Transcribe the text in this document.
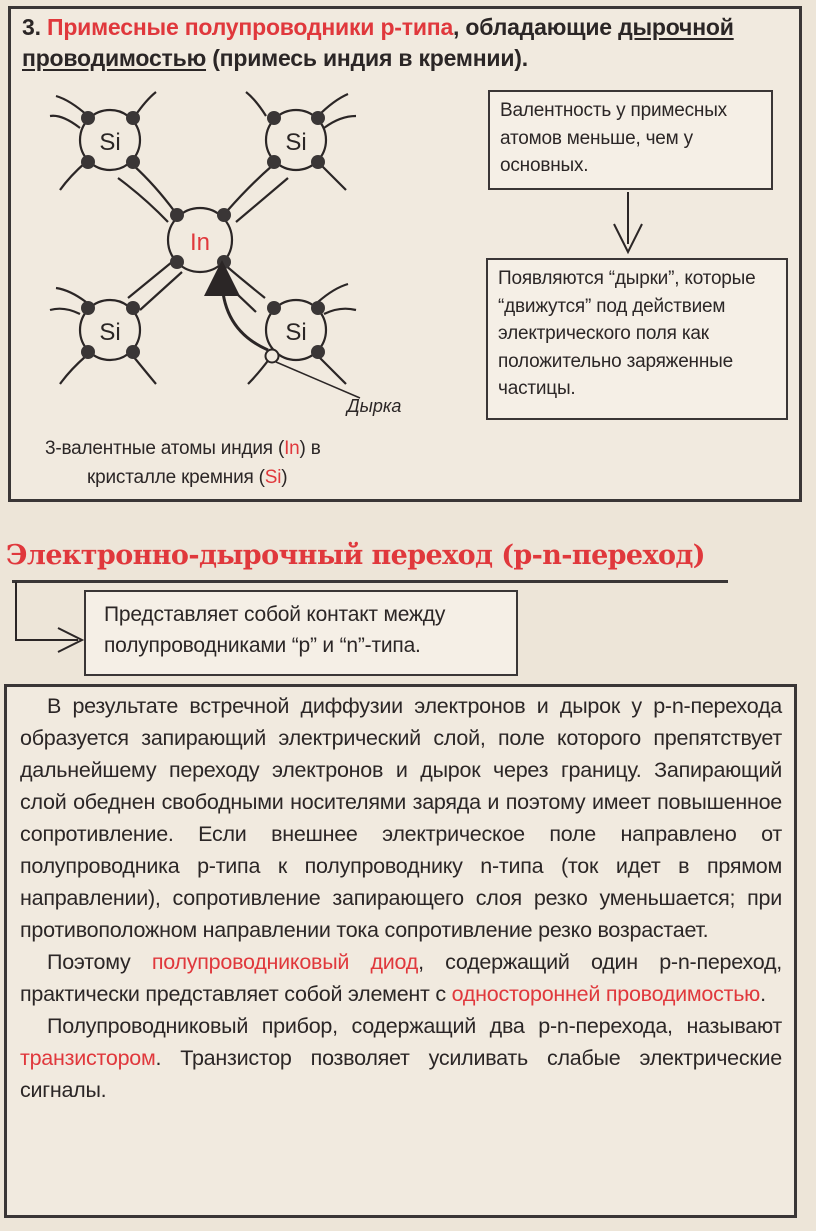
3. Примесные полупроводники p-типа, обладающие дырочной
проводимостью (примесь индия в кремнии).
Si	Si
In
Si	Si
Дырка
Валентность у примесных атомов меньше, чем у основных.
Появляются “дырки”, которые “движутся” под действием электрического поля как положительно заряженные частицы.
3-валентные атомы индия (In) в
кристалле кремния (Si)
Электронно-дырочный переход (p-n-переход)
Представляет собой контакт между полупроводниками “p” и “n”-типа.

В результате встречной диффузии электронов и дырок у p-n-перехода образуется запирающий электрический слой, поле которого препятствует дальнейшему переходу электронов и дырок через границу. Запирающий слой обеднен свободными носителями заряда и поэтому имеет повышенное сопротивление. Если внешнее электрическое поле направлено от полупроводника p-типа к полупроводнику n-типа (ток идет в прямом направлении), сопротивление запирающего слоя резко уменьшается; при противоположном направлении тока сопротивление резко возрастает.

Поэтому полупроводниковый диод, содержащий один p-n-переход, практически представляет собой элемент с односторонней проводимостью.

Полупроводниковый прибор, содержащий два p-n-перехода, называют транзистором. Транзистор позволяет усиливать слабые электрические сигналы.
